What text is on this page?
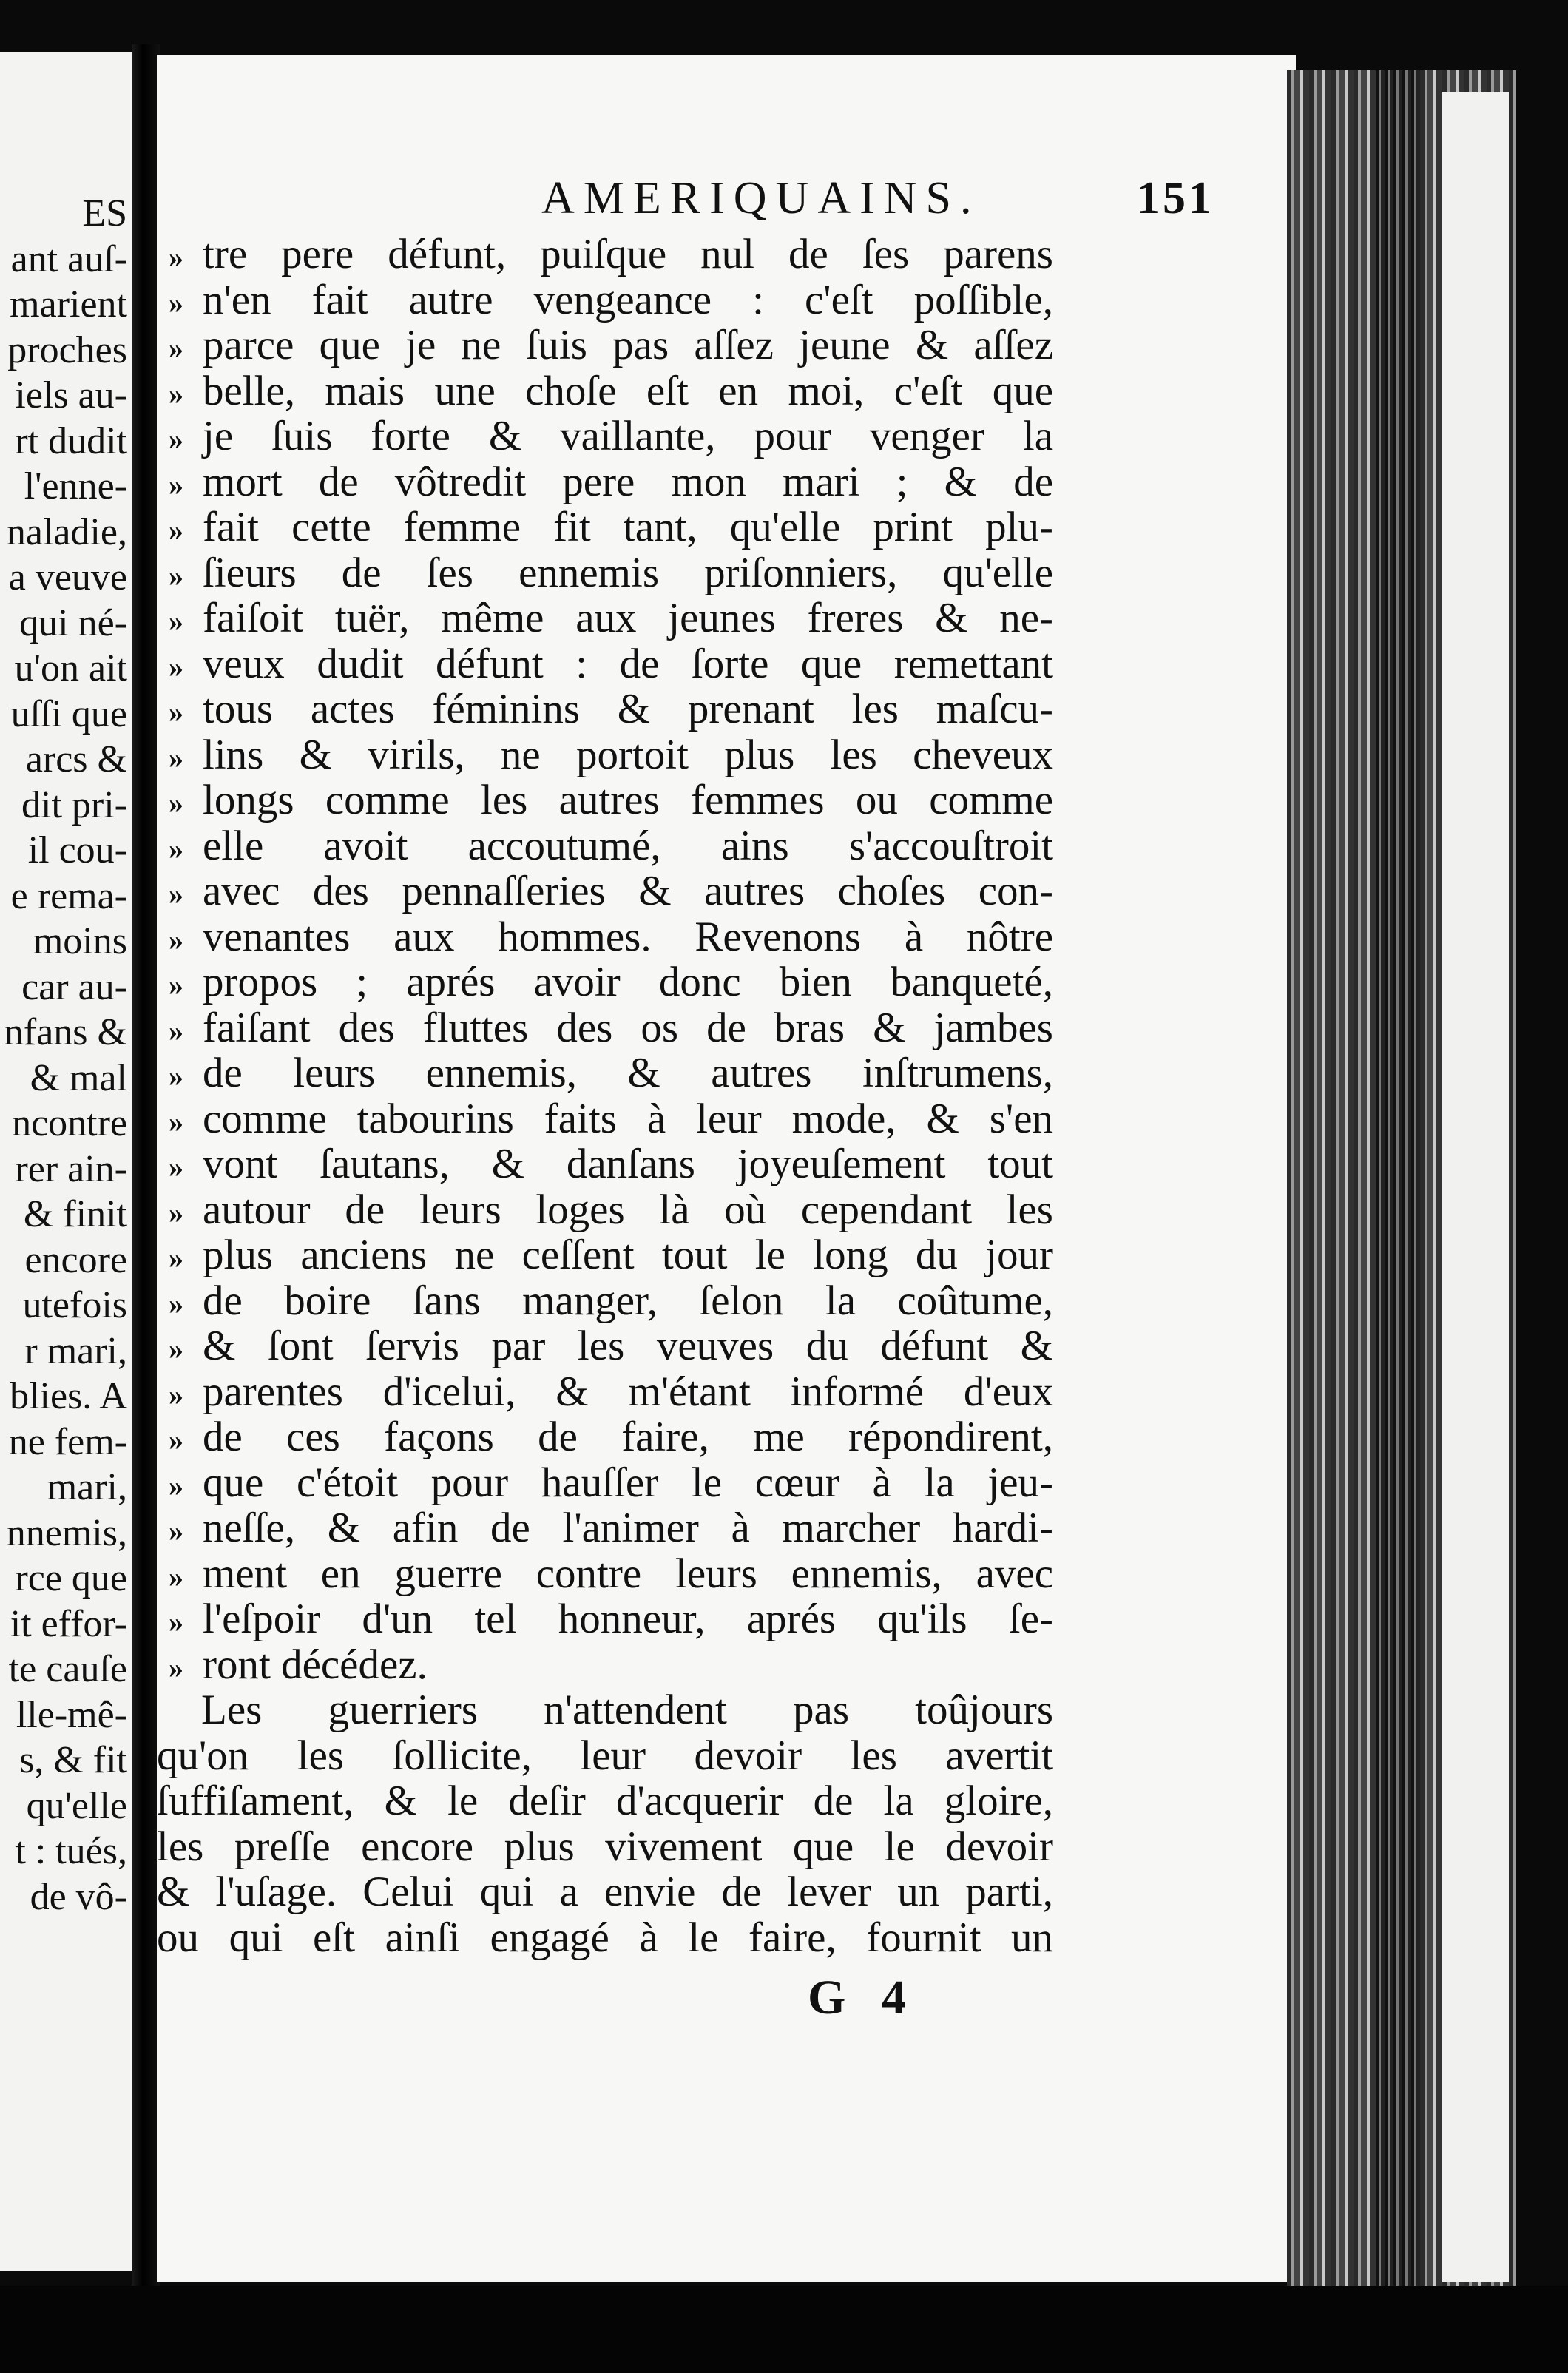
ES
ant auſ-
marient
proches
iels au-
rt dudit
l'enne-
naladie,
a veuve
qui né-
u'on ait
uſſi que
arcs &
dit pri-
il cou-
e rema-
moins
car au-
nfans &
& mal
ncontre
rer ain-
& finit
encore
utefois
r mari,
blies. A
ne fem-
mari,
nnemis,
rce que
it effor-
te cauſe
lle-mê-
s, & fit
qu'elle
t : tués,
de vô-
AMERIQUAINS.	151
» tre pere défunt, puiſque nul de ſes parens
» n'en fait autre vengeance : c'eſt poſſible,
» parce que je ne ſuis pas aſſez jeune & aſſez
» belle, mais une choſe eſt en moi, c'eſt que
» je ſuis forte & vaillante, pour venger la
» mort de vôtredit pere mon mari ; & de
» fait cette femme fit tant, qu'elle print plu-
» ſieurs de ſes ennemis priſonniers, qu'elle
» faiſoit tuër, même aux jeunes freres & ne-
» veux dudit défunt : de ſorte que remettant
» tous actes féminins & prenant les maſcu-
» lins & virils, ne portoit plus les cheveux
» longs comme les autres femmes ou comme
» elle avoit accoutumé, ains s'accouſtroit
» avec des pennaſſeries & autres choſes con-
» venantes aux hommes. Revenons à nôtre
» propos ; aprés avoir donc bien banqueté,
» faiſant des fluttes des os de bras & jambes
» de leurs ennemis, & autres inſtrumens,
» comme tabourins faits à leur mode, & s'en
» vont ſautans, & danſans joyeuſement tout
» autour de leurs loges là où cependant les
» plus anciens ne ceſſent tout le long du jour
» de boire ſans manger, ſelon la coûtume,
» & ſont ſervis par les veuves du défunt &
» parentes d'icelui, & m'étant informé d'eux
» de ces façons de faire, me répondirent,
» que c'étoit pour hauſſer le cœur à la jeu-
» neſſe, & afin de l'animer à marcher hardi-
» ment en guerre contre leurs ennemis, avec
» l'eſpoir d'un tel honneur, aprés qu'ils ſe-
» ront décédez.
Les guerriers n'attendent pas toûjours
qu'on les ſollicite, leur devoir les avertit
ſuffiſament, & le deſir d'acquerir de la gloire,
les preſſe encore plus vivement que le devoir
& l'uſage. Celui qui a envie de lever un parti,
ou qui eſt ainſi engagé à le faire, fournit un
G 4
